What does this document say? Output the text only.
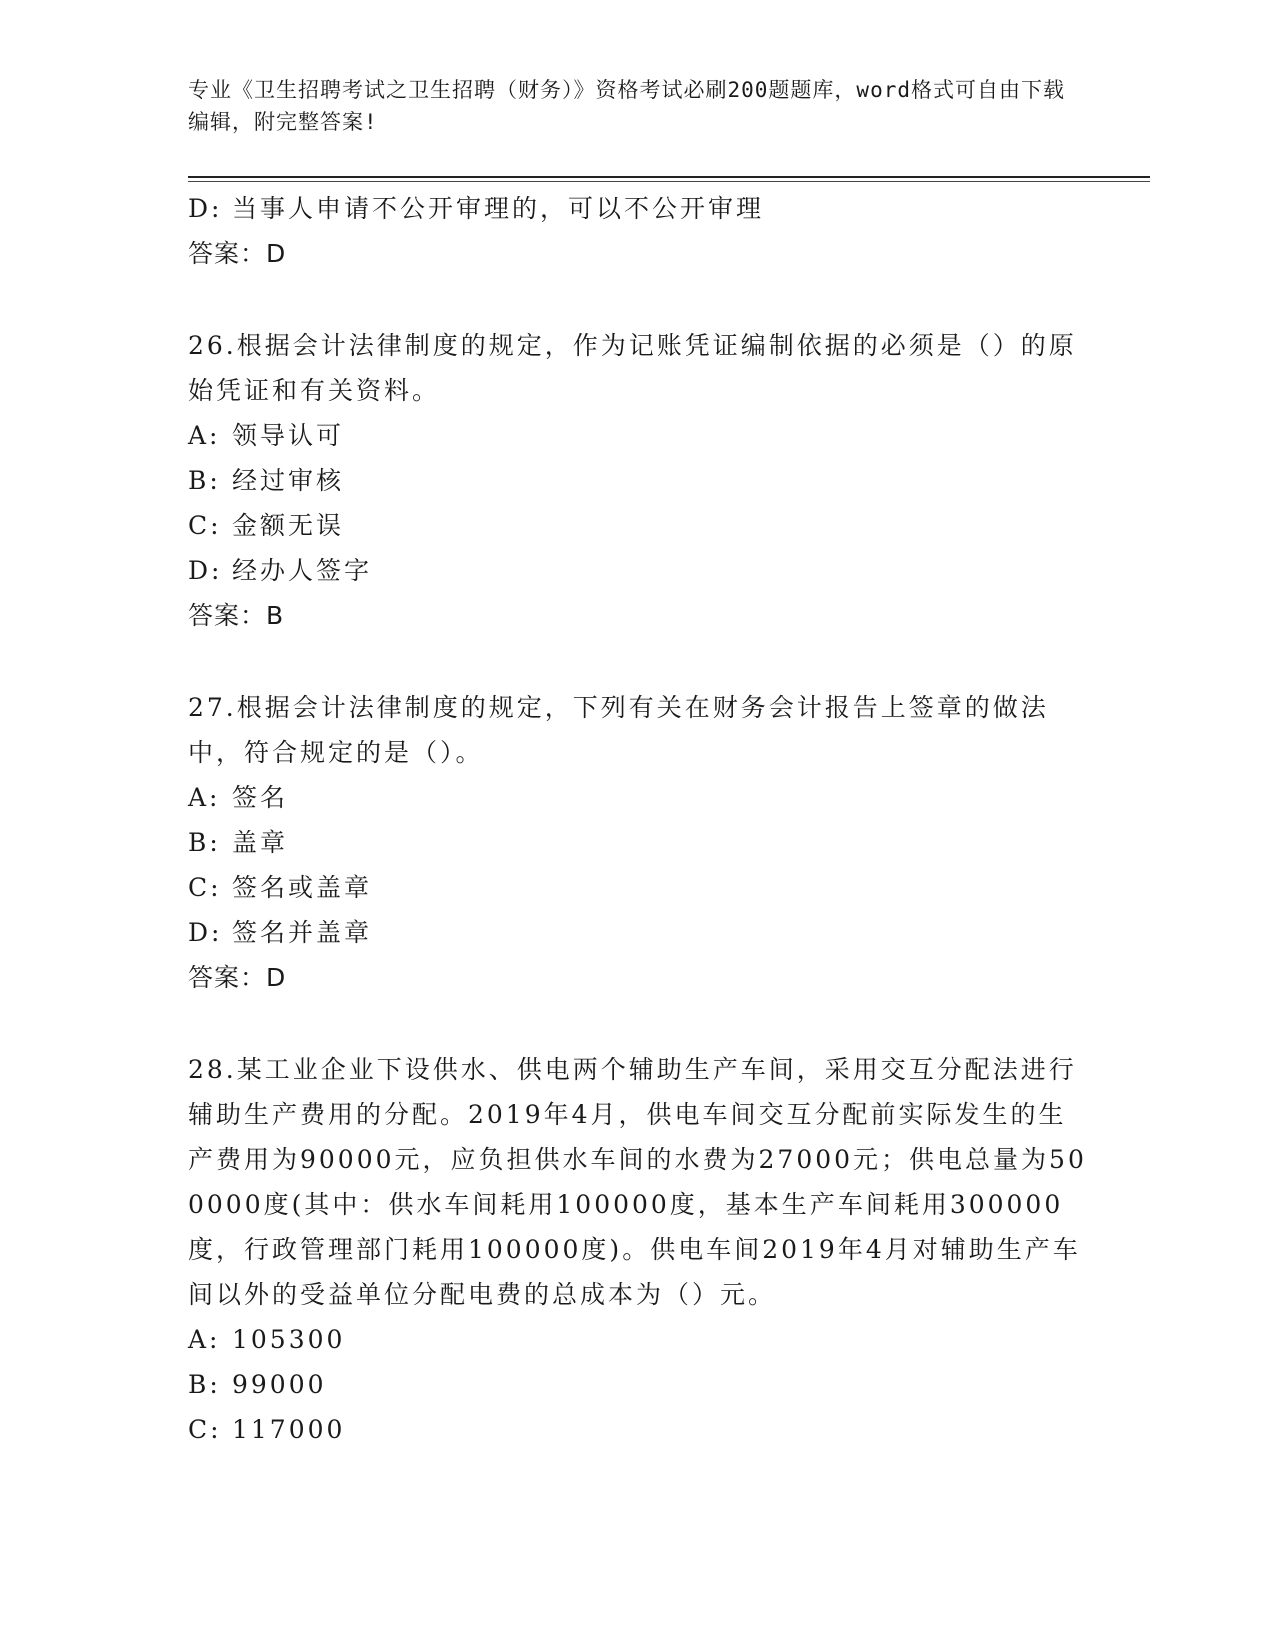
专业《卫生招聘考试之卫生招聘（财务）》资格考试必刷200题题库，word格式可自由下载编辑，附完整答案!
D: 当事人申请不公开审理的，可以不公开审理
答案：D
26.根据会计法律制度的规定，作为记账凭证编制依据的必须是（）的原始凭证和有关资料。
A: 领导认可
B: 经过审核
C: 金额无误
D: 经办人签字
答案：B
27.根据会计法律制度的规定，下列有关在财务会计报告上签章的做法中，符合规定的是（）。
A: 签名
B: 盖章
C: 签名或盖章
D: 签名并盖章
答案：D
28.某工业企业下设供水、供电两个辅助生产车间，采用交互分配法进行辅助生产费用的分配。2019年4月，供电车间交互分配前实际发生的生产费用为90000元，应负担供水车间的水费为27000元；供电总量为500000度(其中：供水车间耗用100000度，基本生产车间耗用300000度，行政管理部门耗用100000度)。供电车间2019年4月对辅助生产车间以外的受益单位分配电费的总成本为（）元。
A: 105300
B: 99000
C: 117000
